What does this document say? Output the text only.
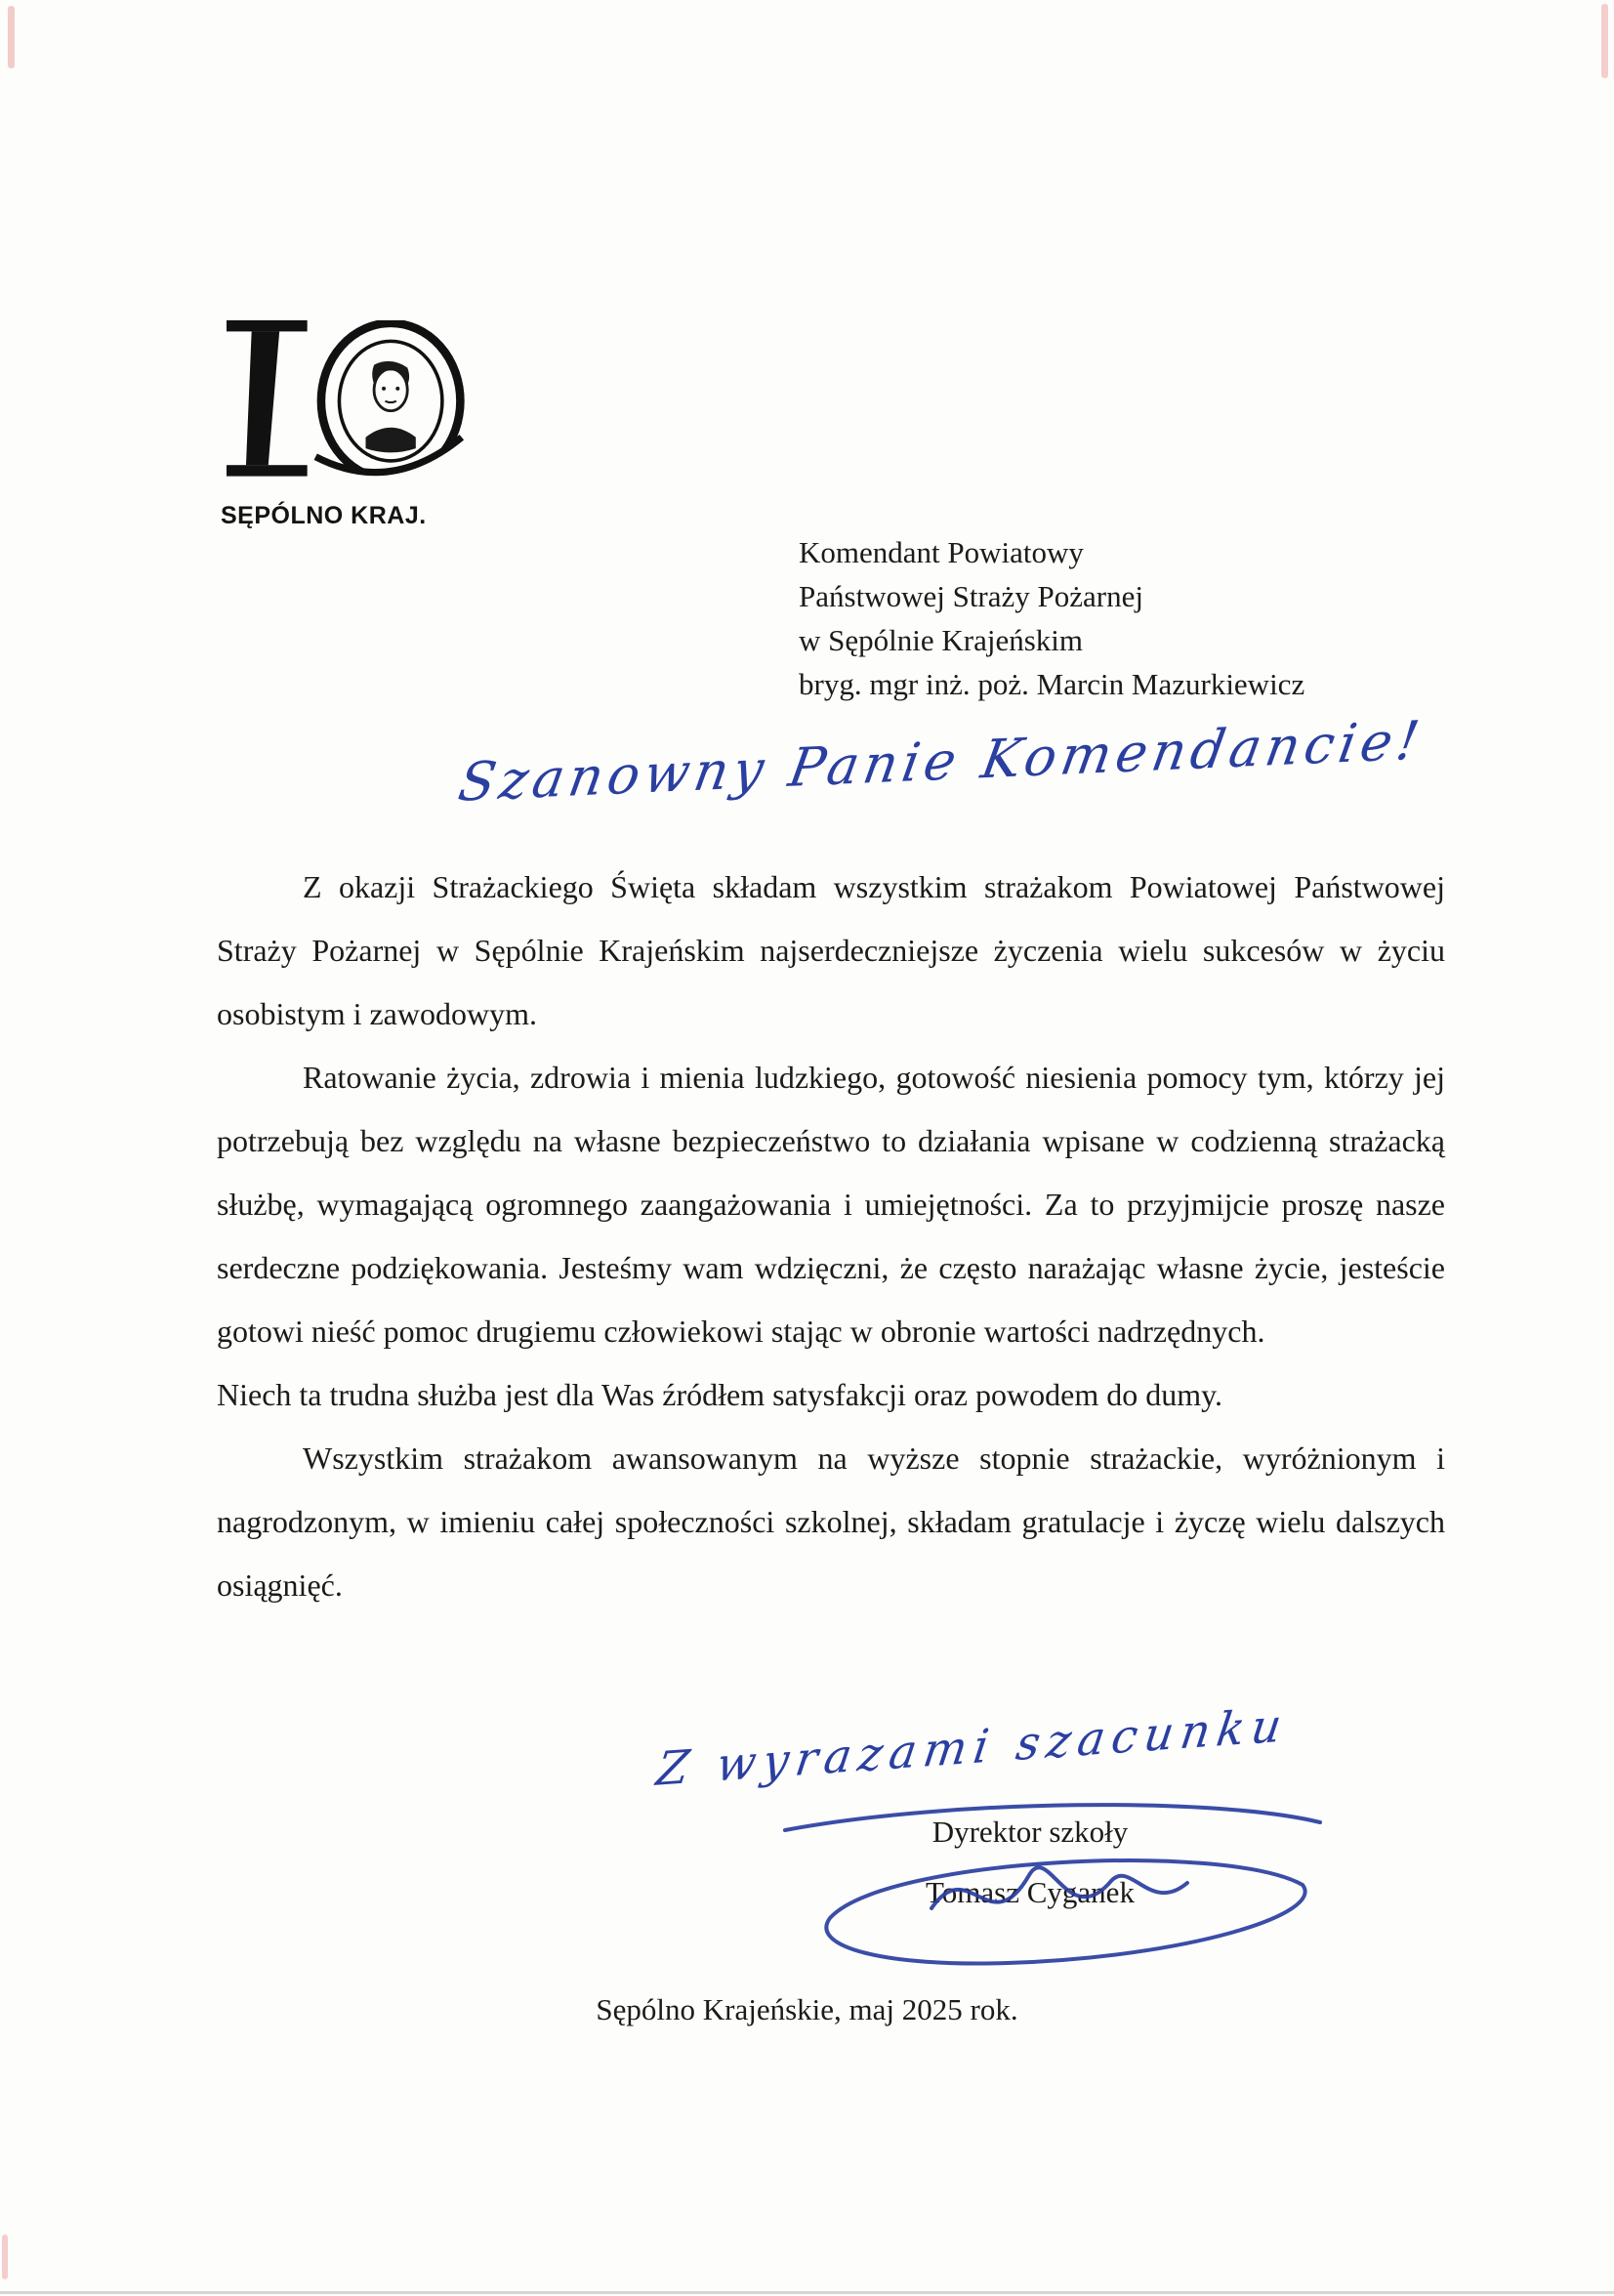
SĘPÓLNO KRAJ.
Komendant Powiatowy
Państwowej Straży Pożarnej
w Sępólnie Krajeńskim
bryg. mgr inż. poż. Marcin Mazurkiewicz
Szanowny Panie Komendancie!

Z okazji Strażackiego Święta składam wszystkim strażakom Powiatowej Państwowej Straży Pożarnej w Sępólnie Krajeńskim najserdeczniejsze życzenia wielu sukcesów w życiu osobistym i zawodowym.

Ratowanie życia, zdrowia i mienia ludzkiego, gotowość niesienia pomocy tym, którzy jej potrzebują bez względu na własne bezpieczeństwo to działania wpisane w codzienną strażacką służbę, wymagającą ogromnego zaangażowania i umiejętności. Za to przyjmijcie proszę nasze serdeczne podziękowania. Jesteśmy wam wdzięczni, że często narażając własne życie, jesteście gotowi nieść pomoc drugiemu człowiekowi stając w obronie wartości nadrzędnych.

Niech ta trudna służba jest dla Was źródłem satysfakcji oraz powodem do dumy.

Wszystkim strażakom awansowanym na wyższe stopnie strażackie, wyróżnionym i nagrodzonym, w imieniu całej społeczności szkolnej, składam gratulacje i życzę wielu dalszych osiągnięć.

Z wyrazami szacunku
Dyrektor szkoły
Tomasz Cyganek
Sępólno Krajeńskie, maj 2025 rok.
